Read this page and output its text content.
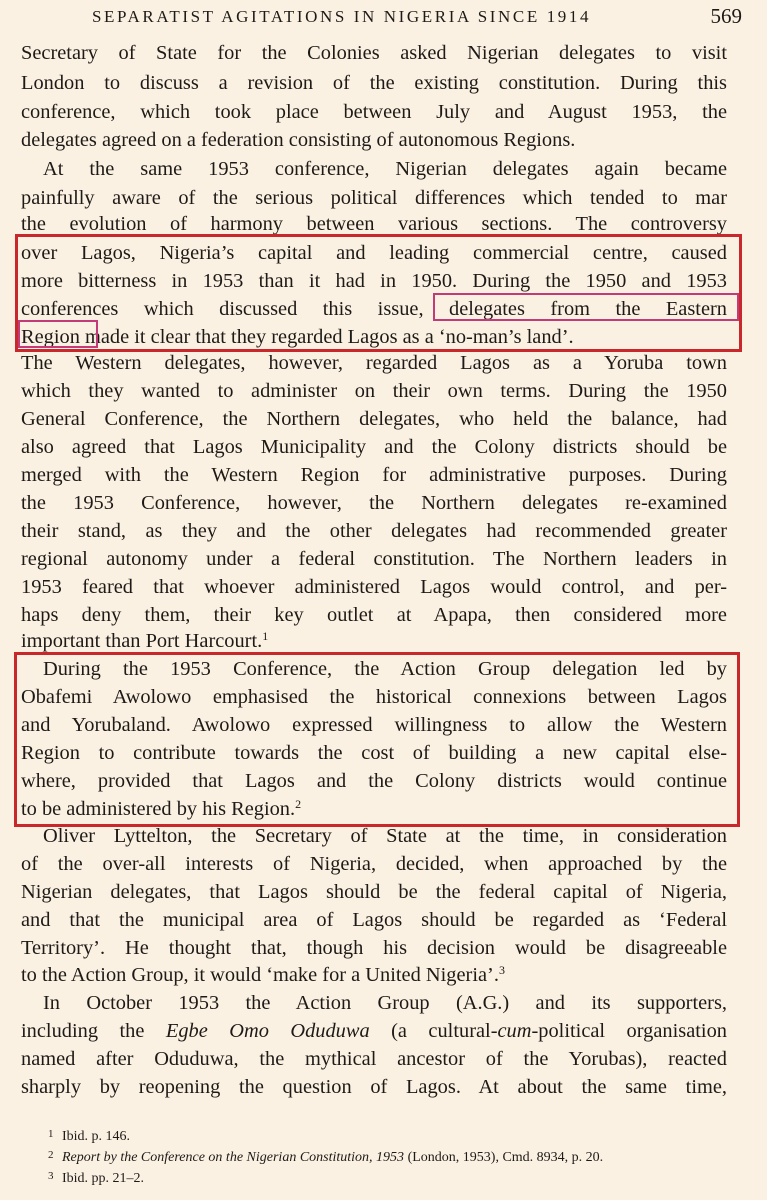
SEPARATIST AGITATIONS IN NIGERIA SINCE 1914	569
Secretary of State for the Colonies asked Nigerian delegates to visit
London to discuss a revision of the existing constitution. During this
conference, which took place between July and August 1953, the
delegates agreed on a federation consisting of autonomous Regions.
At the same 1953 conference, Nigerian delegates again became
painfully aware of the serious political differences which tended to mar
the evolution of harmony between various sections. The controversy
over Lagos, Nigeria’s capital and leading commercial centre, caused
more bitterness in 1953 than it had in 1950. During the 1950 and 1953
conferences which discussed this issue, delegates from the Eastern
Region made it clear that they regarded Lagos as a ‘no-man’s land’.
The Western delegates, however, regarded Lagos as a Yoruba town
which they wanted to administer on their own terms. During the 1950
General Conference, the Northern delegates, who held the balance, had
also agreed that Lagos Municipality and the Colony districts should be
merged with the Western Region for administrative purposes. During
the 1953 Conference, however, the Northern delegates re-examined
their stand, as they and the other delegates had recommended greater
regional autonomy under a federal constitution. The Northern leaders in
1953 feared that whoever administered Lagos would control, and per-
haps deny them, their key outlet at Apapa, then considered more
important than Port Harcourt.$^1$
During the 1953 Conference, the Action Group delegation led by
Obafemi Awolowo emphasised the historical connexions between Lagos
and Yorubaland. Awolowo expressed willingness to allow the Western
Region to contribute towards the cost of building a new capital else-
where, provided that Lagos and the Colony districts would continue
to be administered by his Region.$^2$
Oliver Lyttelton, the Secretary of State at the time, in consideration
of the over-all interests of Nigeria, decided, when approached by the
Nigerian delegates, that Lagos should be the federal capital of Nigeria,
and that the municipal area of Lagos should be regarded as ‘Federal
Territory’. He thought that, though his decision would be disagreeable
to the Action Group, it would ‘make for a United Nigeria’.$^3$
In October 1953 the Action Group (A.G.) and its supporters,
including the Egbe Omo Oduduwa (a cultural-cum-political organisation
named after Oduduwa, the mythical ancestor of the Yorubas), reacted
sharply by reopening the question of Lagos. At about the same time,
1 Ibid. p. 146.
2 Report by the Conference on the Nigerian Constitution, 1953 (London, 1953), Cmd. 8934, p. 20.
3 Ibid. pp. 21–2.
